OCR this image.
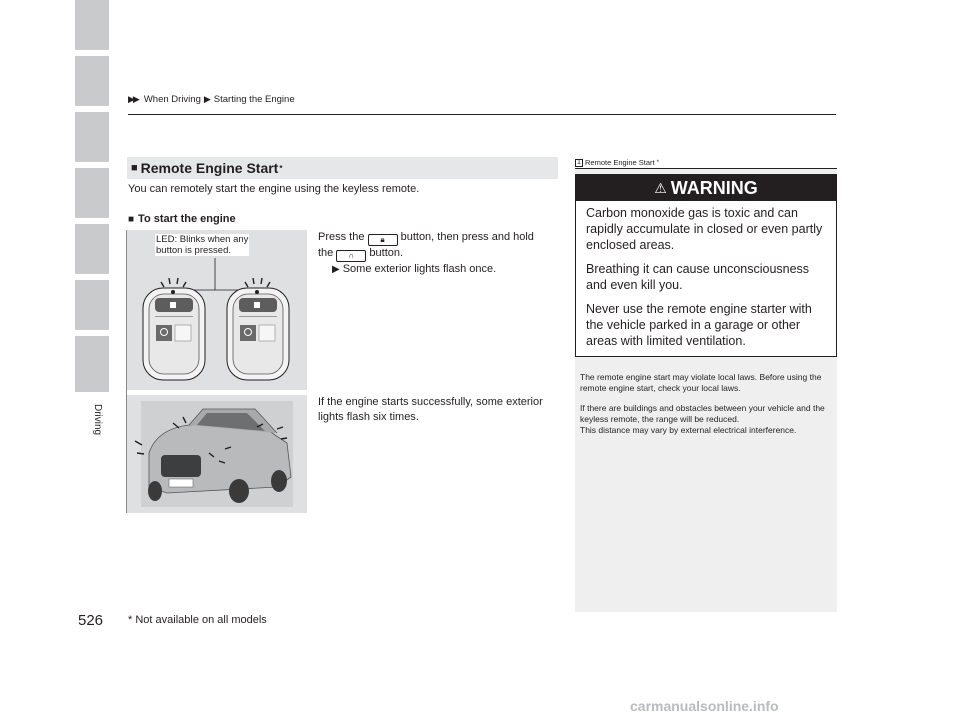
▶▶ When Driving ▶ Starting the Engine
Driving
■ Remote Engine Start *
You can remotely start the engine using the keyless remote.
■ To start the engine
LED: Blinks when any
button is pressed.
Press the 🔒︎ button, then press and hold
the ∩ button.
▶ Some exterior lights flash once.
If the engine starts successfully, some exterior lights flash six times.
1 Remote Engine Start *
⚠ WARNING

Carbon monoxide gas is toxic and can rapidly accumulate in closed or even partly enclosed areas.

Breathing it can cause unconsciousness and even kill you.

Never use the remote engine starter with the vehicle parked in a garage or other areas with limited ventilation.

The remote engine start may violate local laws. Before using the remote engine start, check your local laws.

If there are buildings and obstacles between your vehicle and the keyless remote, the range will be reduced.

This distance may vary by external electrical interference.

526 * Not available on all models
carmanualsonline.info
